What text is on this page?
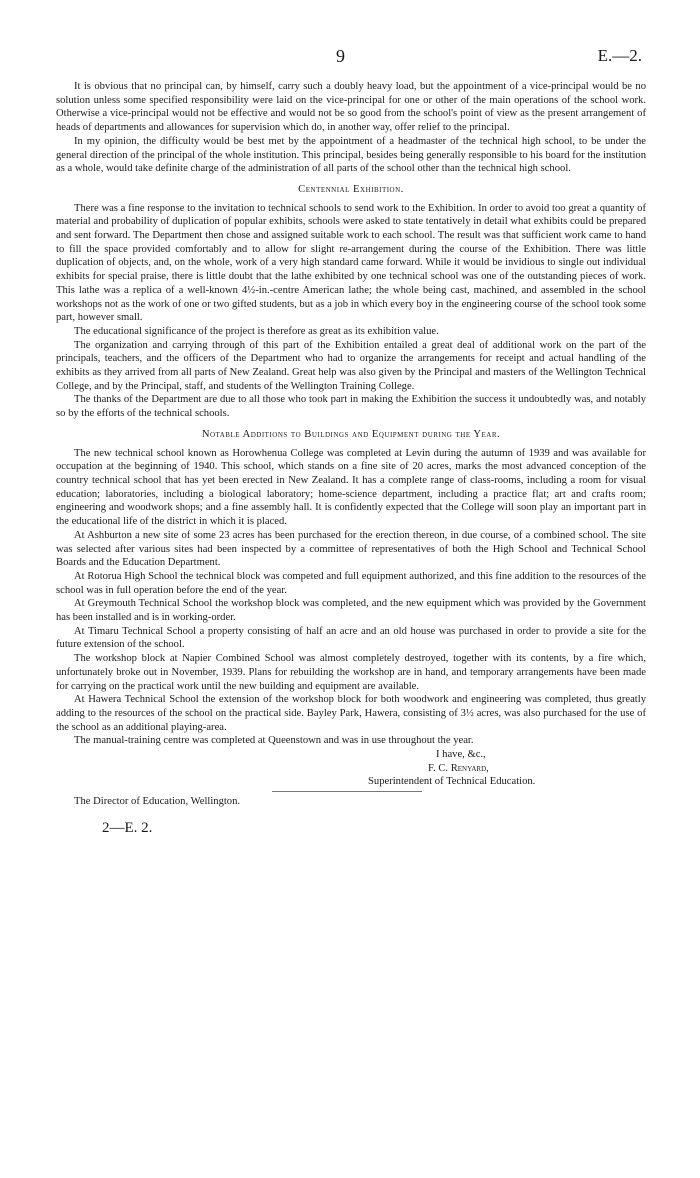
9	E.—2.

It is obvious that no principal can, by himself, carry such a doubly heavy load, but the appointment of a vice-principal would be no solution unless some specified responsibility were laid on the vice-principal for one or other of the main operations of the school work. Otherwise a vice-principal would not be effective and would not be so good from the school's point of view as the present arrangement of heads of departments and allowances for supervision which do, in another way, offer relief to the principal.

In my opinion, the difficulty would be best met by the appointment of a headmaster of the technical high school, to be under the general direction of the principal of the whole institution. This principal, besides being generally responsible to his board for the institution as a whole, would take definite charge of the administration of all parts of the school other than the technical high school.

Centennial Exhibition.

There was a fine response to the invitation to technical schools to send work to the Exhibition. In order to avoid too great a quantity of material and probability of duplication of popular exhibits, schools were asked to state tentatively in detail what exhibits could be prepared and sent forward. The Department then chose and assigned suitable work to each school. The result was that sufficient work came to hand to fill the space provided comfortably and to allow for slight re-arrangement during the course of the Exhibition. There was little duplication of objects, and, on the whole, work of a very high standard came forward. While it would be invidious to single out individual exhibits for special praise, there is little doubt that the lathe exhibited by one technical school was one of the outstanding pieces of work. This lathe was a replica of a well-known 4½-in.-centre American lathe; the whole being cast, machined, and assembled in the school workshops not as the work of one or two gifted students, but as a job in which every boy in the engineering course of the school took some part, however small.

The educational significance of the project is therefore as great as its exhibition value.

The organization and carrying through of this part of the Exhibition entailed a great deal of additional work on the part of the principals, teachers, and the officers of the Department who had to organize the arrangements for receipt and actual handling of the exhibits as they arrived from all parts of New Zealand. Great help was also given by the Principal and masters of the Wellington Technical College, and by the Principal, staff, and students of the Wellington Training College.

The thanks of the Department are due to all those who took part in making the Exhibition the success it undoubtedly was, and notably so by the efforts of the technical schools.

Notable Additions to Buildings and Equipment during the Year.

The new technical school known as Horowhenua College was completed at Levin during the autumn of 1939 and was available for occupation at the beginning of 1940. This school, which stands on a fine site of 20 acres, marks the most advanced conception of the country technical school that has yet been erected in New Zealand. It has a complete range of class-rooms, including a room for visual education; laboratories, including a biological laboratory; home-science department, including a practice flat; art and crafts room; engineering and woodwork shops; and a fine assembly hall. It is confidently expected that the College will soon play an important part in the educational life of the district in which it is placed.

At Ashburton a new site of some 23 acres has been purchased for the erection thereon, in due course, of a combined school. The site was selected after various sites had been inspected by a committee of representatives of both the High School and Technical School Boards and the Education Department.

At Rotorua High School the technical block was competed and full equipment authorized, and this fine addition to the resources of the school was in full operation before the end of the year.

At Greymouth Technical School the workshop block was completed, and the new equipment which was provided by the Government has been installed and is in working-order.

At Timaru Technical School a property consisting of half an acre and an old house was purchased in order to provide a site for the future extension of the school.

The workshop block at Napier Combined School was almost completely destroyed, together with its contents, by a fire which, unfortunately broke out in November, 1939. Plans for rebuilding the workshop are in hand, and temporary arrangements have been made for carrying on the practical work until the new building and equipment are available.

At Hawera Technical School the extension of the workshop block for both woodwork and engineering was completed, thus greatly adding to the resources of the school on the practical side. Bayley Park, Hawera, consisting of 3½ acres, was also purchased for the use of the school as an additional playing-area.

The manual-training centre was completed at Queenstown and was in use throughout the year.

I have, &c.,
F. C. Renyard,
Superintendent of Technical Education.
The Director of Education, Wellington.
2—E. 2.
